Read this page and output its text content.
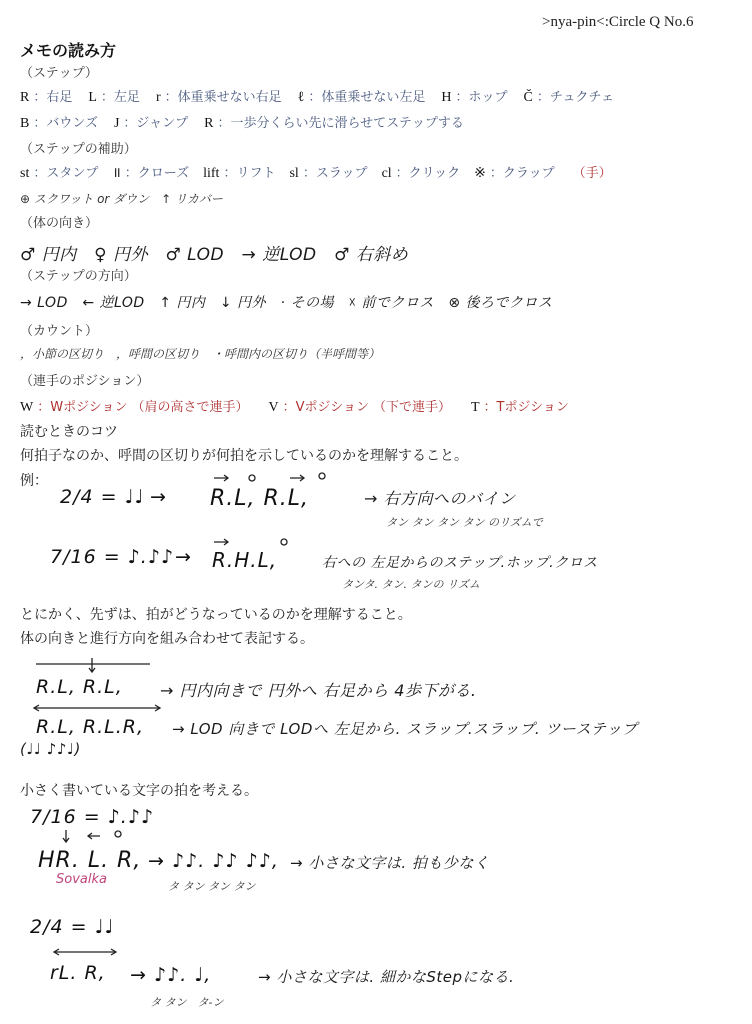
>nya-pin<:Circle Q No.6
メモの読み方
（ステップ）
R ：右足 L ：左足 r ：体重乗せない右足 ℓ ：体重乗せない左足 H ：ホップ Č ：チュクチェ
B ：バウンズ J ：ジャンプ R ：一歩分くらい先に滑らせてステップする
（ステップの補助）
st ：スタンプ ॥ ：クローズ lift ：リフト sl ：スラップ cl ：クリック ※ ：クラップ （手）
⊕ スクワット or ダウン　↑ リカバー
（体の向き）
♂ 円内　♀ 円外　♂ LOD　→ 逆LOD　♂ 右斜め
（ステップの方向）
→ LOD　← 逆LOD　↑ 円内　↓ 円外　· その場　☓ 前でクロス　⊗ 後ろでクロス
（カウント）
，小節の区切り　，呼間の区切り　・呼間内の区切り（半呼間等）
（連手のポジション）
W ：Wポジション （肩の高さで連手） V ：Vポジション （下で連手） T ：Tポジション
読むときのコツ
何拍子なのか、呼間の区切りが何拍を示しているのかを理解すること。
例：
2/4 = ♩♩ → R.L, R.L,	→ 右方向へのバイン
タン タン タン タン のリズムで
7/16 = ♪.♪♪ → R.H.L,	右への 左足からのステップ.ホップ.クロス
タンタ. タン. タンの リズム
とにかく、先ずは、拍がどうなっているのかを理解すること。
体の向きと進行方向を組み合わせて表記する。
R.L, R.L, → 円内向きで 円外へ 右足から 4歩下がる.
R.L, R.L.R, → LOD 向きで LODへ 左足から. スラップ.スラップ. ツーステップ
(♩♩ ♪♪♩)
小さく書いている文字の拍を考える。
7/16 = ♪.♪♪
HR. L. R, → ♪♪. ♪♪ ♪♪, → 小さな文字は. 拍も少なく
タ タン タン タン
Sovalka
2/4 = ♩♩
rL. R, → ♪♪. ♩,	→ 小さな文字は. 細かなStepになる.
タ タン　タ-ン
